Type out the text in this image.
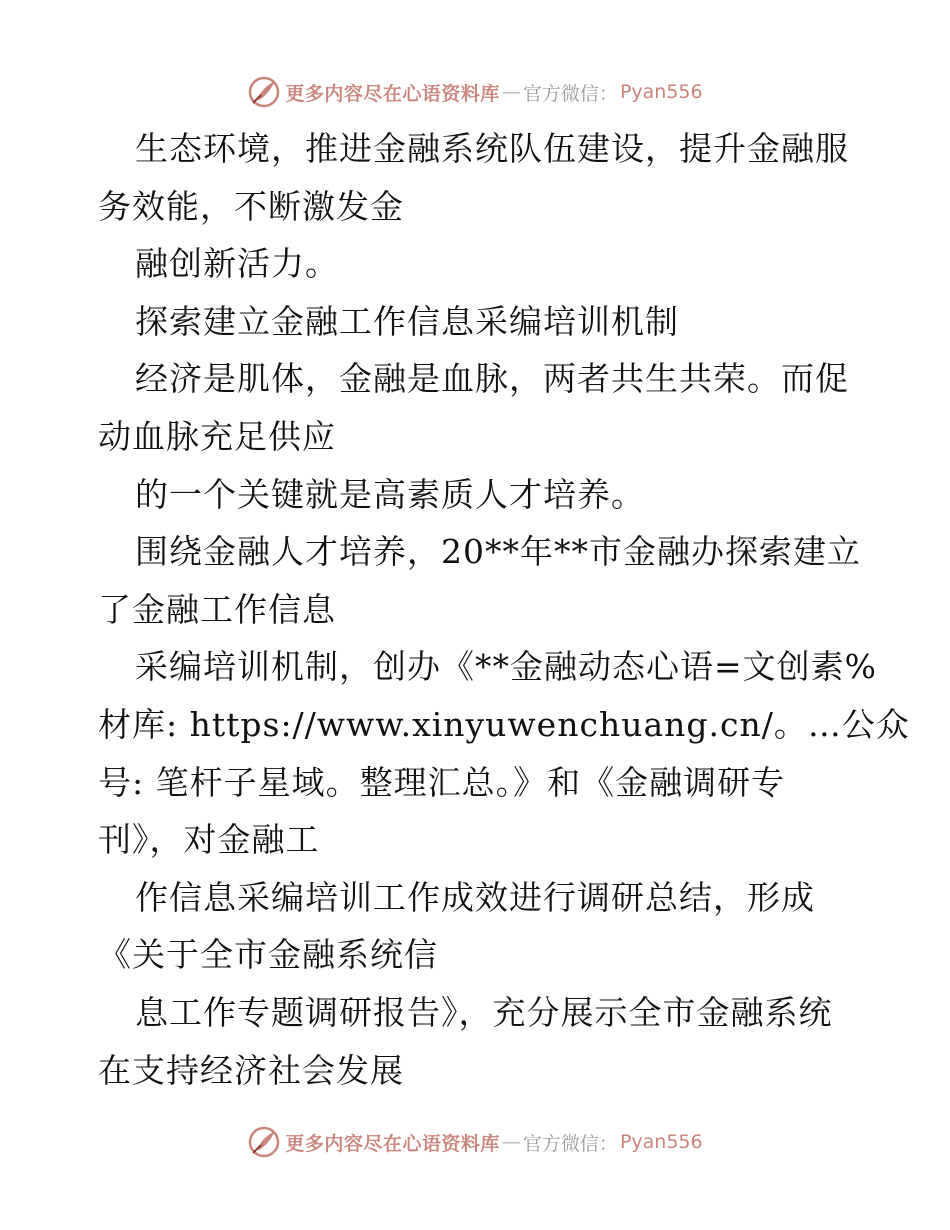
更多内容尽在心语资料库 — 官方微信： Pyan556
生态环境，推进金融系统队伍建设，提升金融服
务效能，不断激发金
融创新活力。
探索建立金融工作信息采编培训机制
经济是肌体，金融是血脉，两者共生共荣。而促
动血脉充足供应
的一个关键就是高素质人才培养。
围绕金融人才培养，20**年**市金融办探索建立
了金融工作信息
采编培训机制，创办《**金融动态心语=文创素%
材库: https://www.xinyuwenchuang.cn/。…公众
号: 笔杆子星域。整理汇总。》和《金融调研专
刊》，对金融工
作信息采编培训工作成效进行调研总结，形成
《关于全市金融系统信
息工作专题调研报告》，充分展示全市金融系统
在支持经济社会发展
更多内容尽在心语资料库 — 官方微信： Pyan556
